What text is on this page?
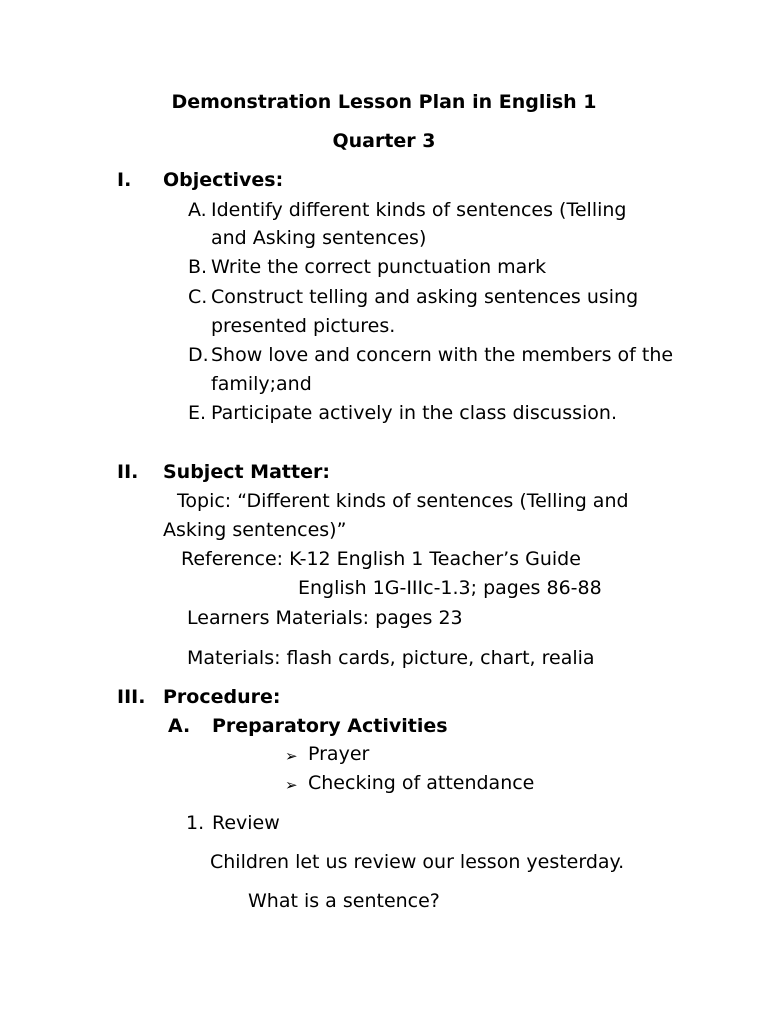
Demonstration Lesson Plan in English 1
Quarter 3
I. Objectives:
A. Identify different kinds of sentences (Telling
and Asking sentences)
B. Write the correct punctuation mark
C. Construct telling and asking sentences using
presented pictures.
D. Show love and concern with the members of the
family;and
E. Participate actively in the class discussion.
II. Subject Matter:
Topic: “Different kinds of sentences (Telling and
Asking sentences)”
Reference: K-12 English 1 Teacher’s Guide
English 1G-IIIc-1.3; pages 86-88
Learners Materials: pages 23
Materials: flash cards, picture, chart, realia
III. Procedure:
A. Preparatory Activities
➢ Prayer
➢ Checking of attendance
1. Review
Children let us review our lesson yesterday.
What is a sentence?
